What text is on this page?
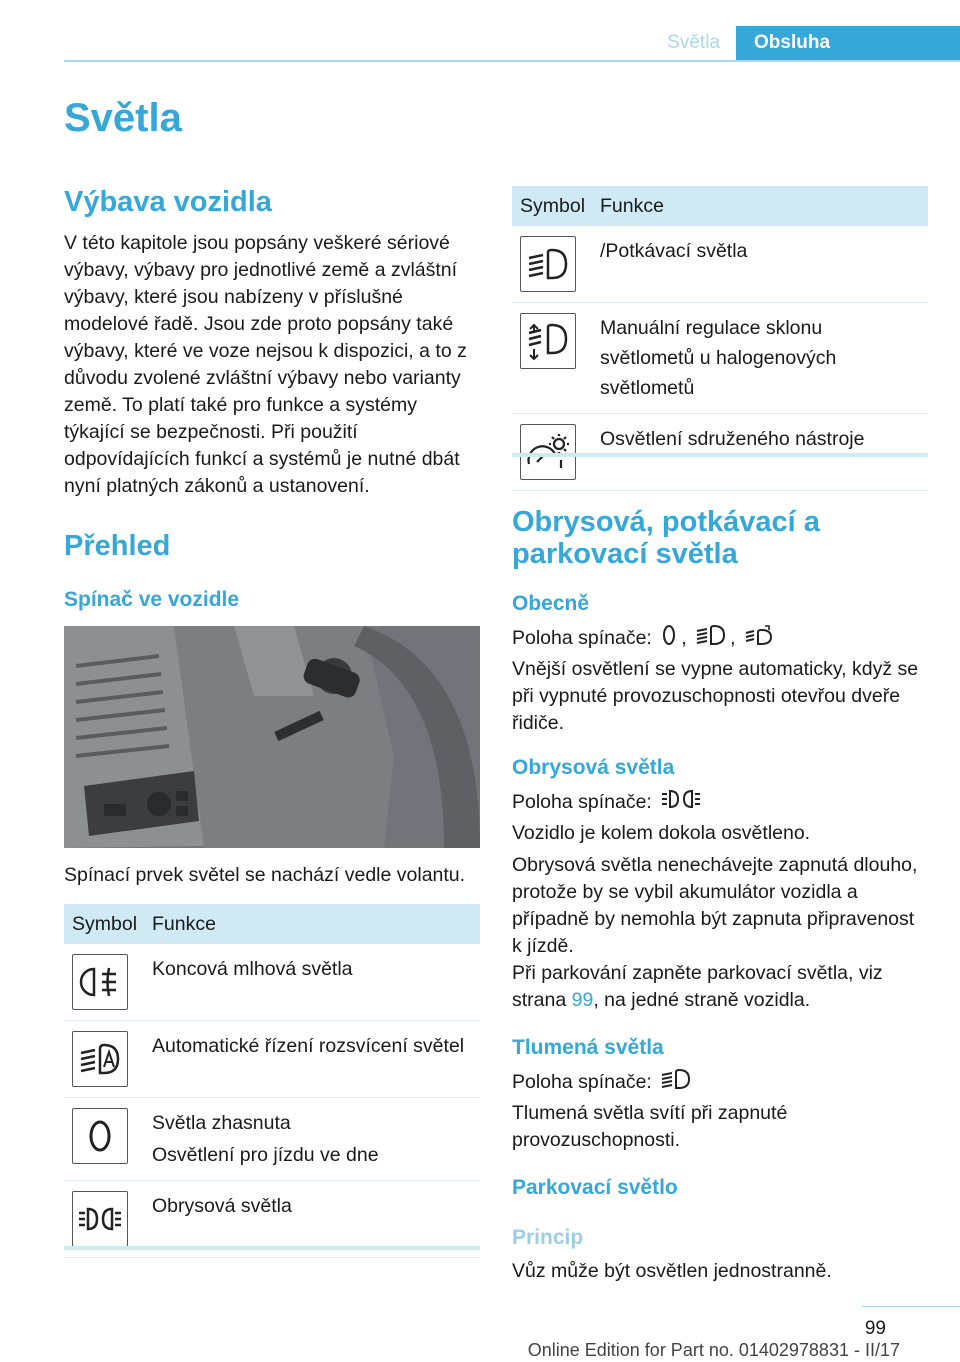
Světla	Obsluha
Světla
Výbava vozidla
V této kapitole jsou popsány veškeré sériové výbavy, výbavy pro jednotlivé země a zvláštní výbavy, které jsou nabízeny v příslušné modelové řadě. Jsou zde proto popsány také výbavy, které ve voze nejsou k dispozici, a to z důvodu zvolené zvláštní výbavy nebo varianty země. To platí také pro funkce a systémy týkající se bezpečnosti. Při použití odpovídajících funkcí a systémů je nutné dbát nyní platných zákonů a ustanovení.
Přehled
Spínač ve vozidle
Spínací prvek světel se nachází vedle volantu.
Symbol	Funkce

	Koncová mlhová světla

	Automatické řízení rozsvícení světel

Světla zhasnuta
Osvětlení pro jízdu ve dne

	Obrysová světla
Symbol	Funkce

	/Potkávací světla

	Manuální regulace sklonu světlometů u halogenových světlometů

	Osvětlení sdruženého nástroje
Obrysová, potkávací a parkovací světla
Obecně
Poloha spínače: , ,
Vnější osvětlení se vypne automaticky, když se při vypnuté provozuschopnosti otevřou dveře řidiče.
Obrysová světla
Poloha spínače:
Vozidlo je kolem dokola osvětleno.
Obrysová světla nenechávejte zapnutá dlouho, protože by se vybil akumulátor vozidla a případně by nemohla být zapnuta připravenost k jízdě.
Při parkování zapněte parkovací světla, viz strana 99, na jedné straně vozidla.
Tlumená světla
Poloha spínače:
Tlumená světla svítí při zapnuté provozuschopnosti.
Parkovací světlo
Princip
Vůz může být osvětlen jednostranně.
99
Online Edition for Part no. 01402978831 - II/17
